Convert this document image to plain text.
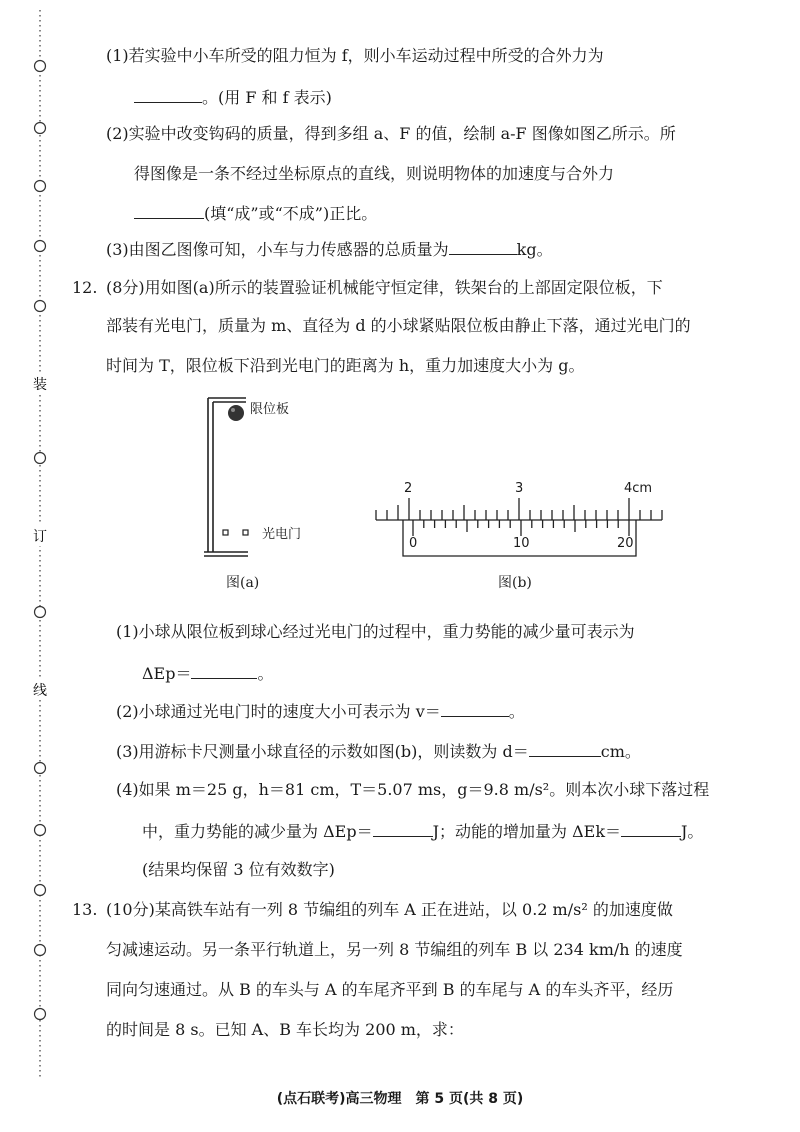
装
订
线
(1)若实验中小车所受的阻力恒为 f，则小车运动过程中所受的合外力为
。(用 F 和 f 表示)
(2)实验中改变钩码的质量，得到多组 a、F 的值，绘制 a-F 图像如图乙所示。所
得图像是一条不经过坐标原点的直线，则说明物体的加速度与合外力
(填“成”或“不成”)正比。
(3)由图乙图像可知，小车与力传感器的总质量为	kg。
12. (8分)用如图(a)所示的装置验证机械能守恒定律，铁架台的上部固定限位板，下
部装有光电门，质量为 m、直径为 d 的小球紧贴限位板由静止下落，通过光电门的
时间为 T，限位板下沿到光电门的距离为 h，重力加速度大小为 g。
限位板
光电门
图(a)
2	3	4cm
0	10	20
图(b)
(1)小球从限位板到球心经过光电门的过程中，重力势能的减少量可表示为
ΔEp＝	。
(2)小球通过光电门时的速度大小可表示为 v＝	。
(3)用游标卡尺测量小球直径的示数如图(b)，则读数为 d＝	cm。
(4)如果 m＝25 g，h＝81 cm，T＝5.07 ms，g＝9.8 m/s²。则本次小球下落过程
中，重力势能的减少量为 ΔEp＝	J；动能的增加量为 ΔEk＝	J。
(结果均保留 3 位有效数字)
13. (10分)某高铁车站有一列 8 节编组的列车 A 正在进站，以 0.2 m/s² 的加速度做
匀减速运动。另一条平行轨道上，另一列 8 节编组的列车 B 以 234 km/h 的速度
同向匀速通过。从 B 的车头与 A 的车尾齐平到 B 的车尾与 A 的车头齐平，经历
的时间是 8 s。已知 A、B 车长均为 200 m，求：
(点石联考)高三物理　第 5 页(共 8 页)
